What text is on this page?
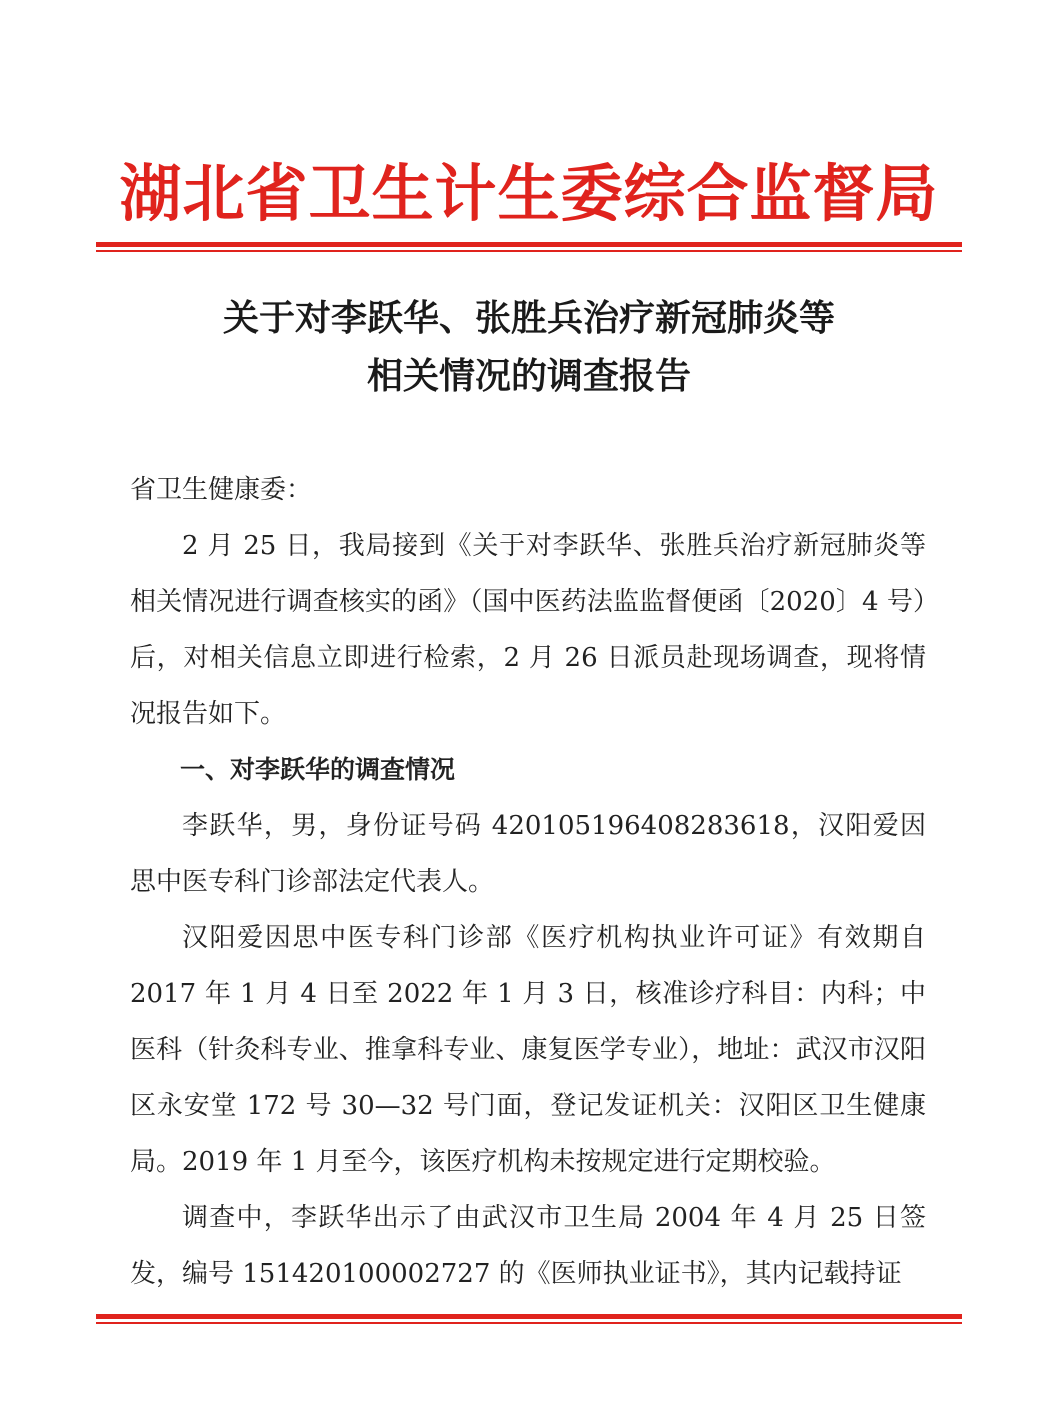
湖北省卫生计生委综合监督局
关于对李跃华、张胜兵治疗新冠肺炎等
相关情况的调查报告

省卫生健康委：

2 月 25 日，我局接到《关于对李跃华、张胜兵治疗新冠肺炎等相关情况进行调查核实的函》（国中医药法监监督便函〔2020〕4 号）后，对相关信息立即进行检索，2 月 26 日派员赴现场调查，现将情况报告如下。

一、对李跃华的调查情况

李跃华，男，身份证号码 420105196408283618，汉阳爱因思中医专科门诊部法定代表人。

汉阳爱因思中医专科门诊部《医疗机构执业许可证》有效期自 2017 年 1 月 4 日至 2022 年 1 月 3 日，核准诊疗科目：内科；中医科（针灸科专业、推拿科专业、康复医学专业），地址：武汉市汉阳区永安堂 172 号 30—32 号门面，登记发证机关：汉阳区卫生健康局。2019 年 1 月至今，该医疗机构未按规定进行定期校验。

调查中，李跃华出示了由武汉市卫生局 2004 年 4 月 25 日签发，编号 151420100002727 的《医师执业证书》，其内记载持证
